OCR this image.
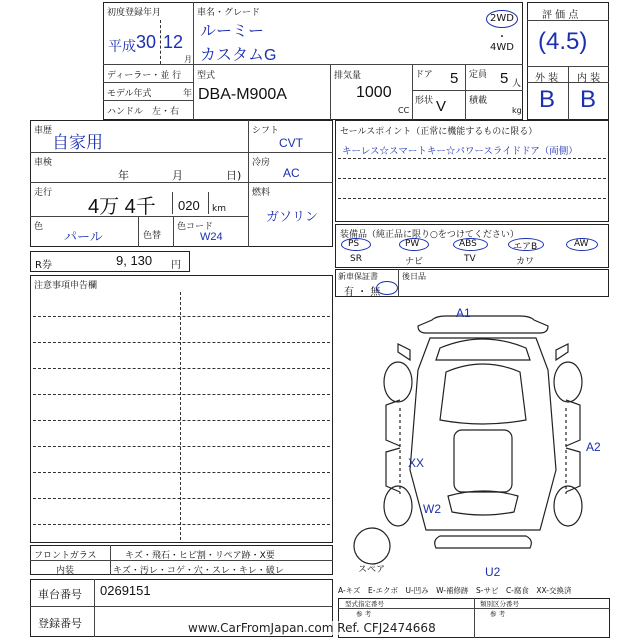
初度登録年月
平成 30 12
月
車名・グレード
ルーミー
カスタムG
2WD
・
4WD
ディーラー・並 行
モデル年式	年
ハンドル　左・右
型式
DBA-M900A
排気量
1000
CC
ドア 5
形状 V
定員 5 人
積載
kg
評 価 点
(4.5)
外 装 内 装
B B
車歴
自家用
車検
年	月	日)
走行
4万 4千 020 km
色
パール	色替
色コード
W24
シフト
CVT
冷房
AC
燃料
ガソリン
R券	9, 130 円
セールスポイント（正常に機能するものに限る）
キーレス☆スマートキー☆パワースライドドア（両側）
装備品（純正品に限り○をつけてください）
PS	PW	ABS	エアB	AW
SR	ナビ	TV	カワ
新車保証書
有 ・ 無
後日品
注意事項申告欄
A1
XX
A2
W2
U2
スペア
A-キズ　E-エクボ　U-凹み　W-補修跡　S-サビ　C-腐食　XX-交換済
フロントガラス	キズ・飛石・ヒビ割・リペア跡・X要
内装	キズ・汚レ・コゲ・穴・スレ・キレ・破レ
車台番号 0269151
登録番号
型式指定番号	類別区分番号
参 考	参 考
www.CarFromJapan.com Ref. CFJ2474668
